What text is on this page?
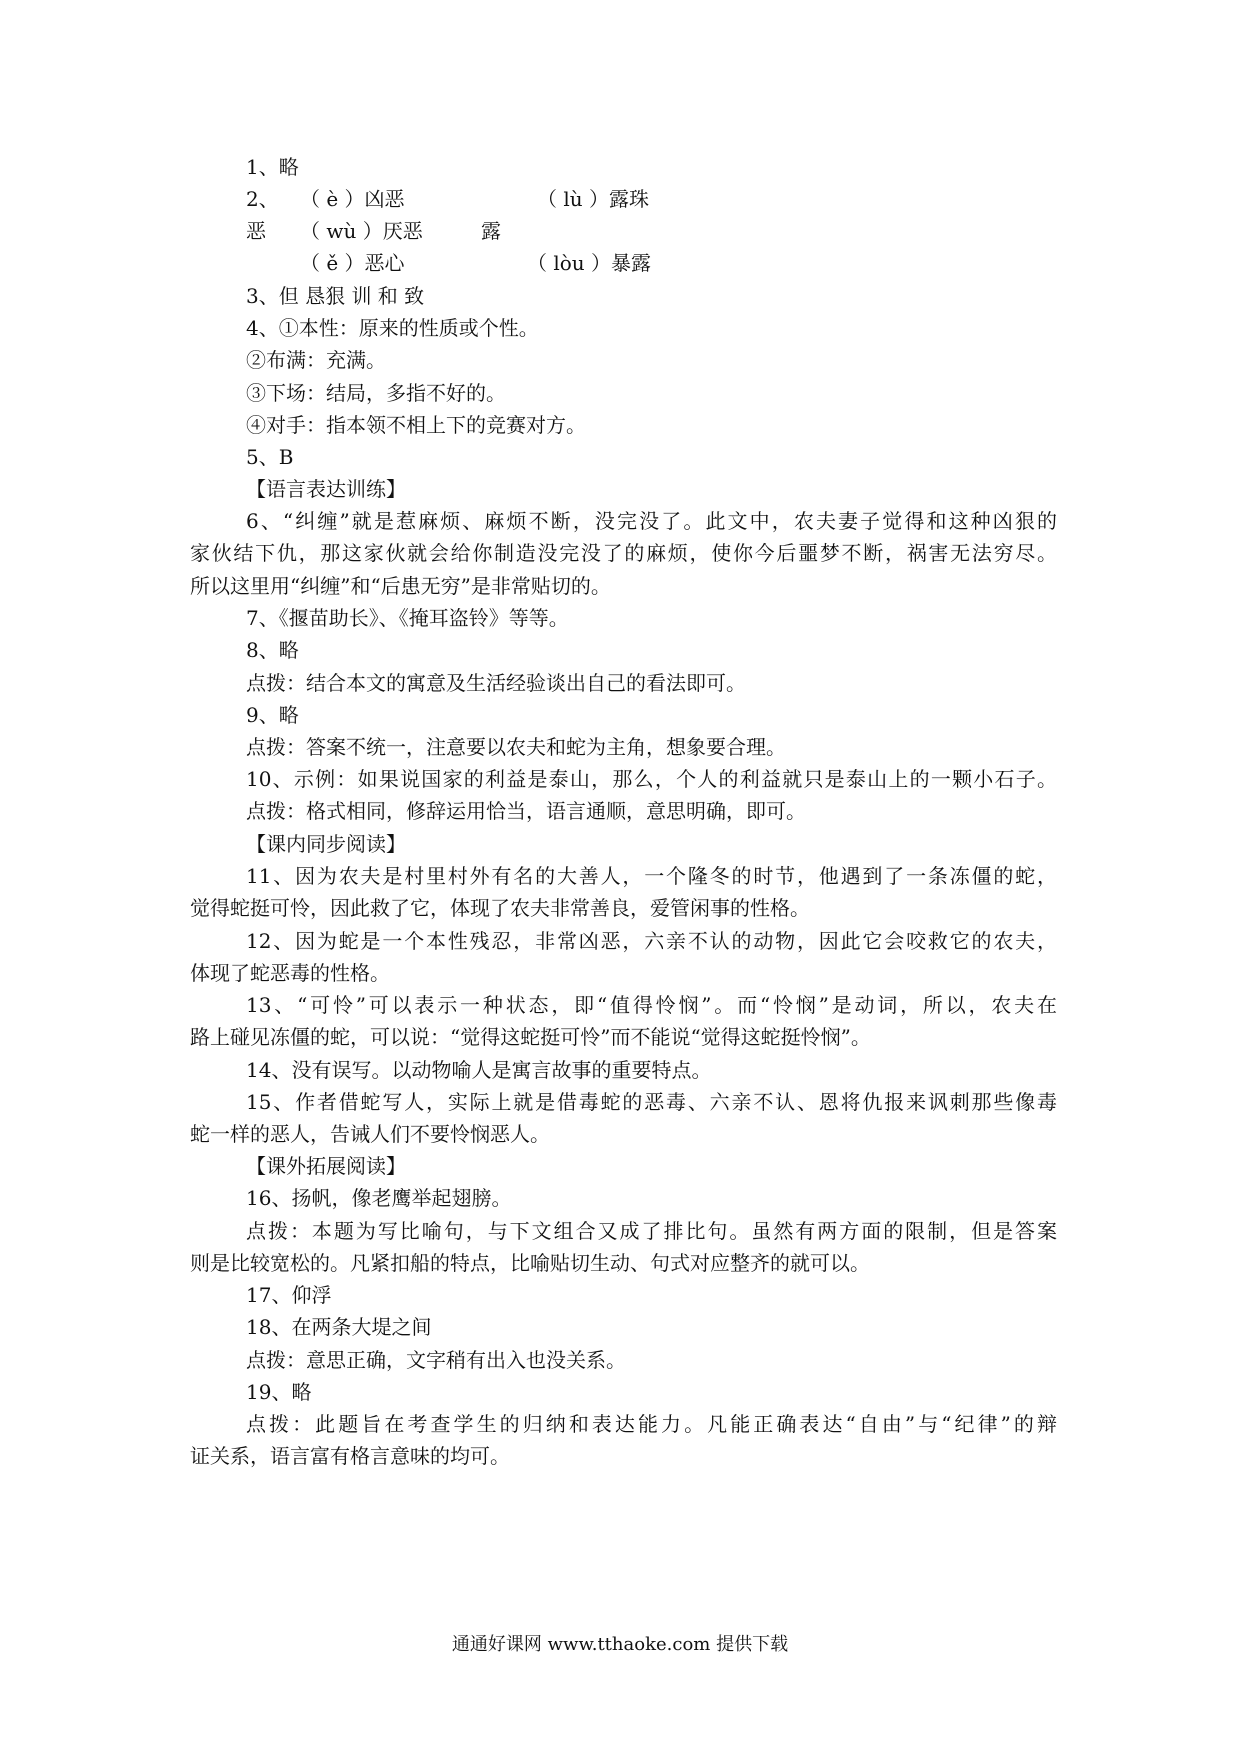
1、略
2、 （ è ）凶恶	（ lù ）露珠
恶 （ wù ）厌恶	露
（ ě ）恶心	（ lòu ）暴露
3、但 恳狠 训 和 致
4、①本性：原来的性质或个性。
②布满：充满。
③下场：结局，多指不好的。
④对手：指本领不相上下的竞赛对方。
5、B
【语言表达训练】
6、“纠缠”就是惹麻烦、麻烦不断，没完没了。此文中，农夫妻子觉得和这种凶狠的
家伙结下仇，那这家伙就会给你制造没完没了的麻烦，使你今后噩梦不断，祸害无法穷尽。
所以这里用“纠缠”和“后患无穷”是非常贴切的。
7、《揠苗助长》、《掩耳盗铃》等等。
8、略
点拨：结合本文的寓意及生活经验谈出自己的看法即可。
9、略
点拨：答案不统一，注意要以农夫和蛇为主角，想象要合理。
10、示例：如果说国家的利益是泰山，那么，个人的利益就只是泰山上的一颗小石子。
点拨：格式相同，修辞运用恰当，语言通顺，意思明确，即可。
【课内同步阅读】
11、因为农夫是村里村外有名的大善人，一个隆冬的时节，他遇到了一条冻僵的蛇，
觉得蛇挺可怜，因此救了它，体现了农夫非常善良，爱管闲事的性格。
12、因为蛇是一个本性残忍，非常凶恶，六亲不认的动物，因此它会咬救它的农夫，
体现了蛇恶毒的性格。
13、“可怜”可以表示一种状态，即“值得怜悯”。而“怜悯”是动词，所以，农夫在
路上碰见冻僵的蛇，可以说：“觉得这蛇挺可怜”而不能说“觉得这蛇挺怜悯”。
14、没有误写。以动物喻人是寓言故事的重要特点。
15、作者借蛇写人，实际上就是借毒蛇的恶毒、六亲不认、恩将仇报来讽刺那些像毒
蛇一样的恶人，告诫人们不要怜悯恶人。
【课外拓展阅读】
16、扬帆，像老鹰举起翅膀。
点拨：本题为写比喻句，与下文组合又成了排比句。虽然有两方面的限制，但是答案
则是比较宽松的。凡紧扣船的特点，比喻贴切生动、句式对应整齐的就可以。
17、仰浮
18、在两条大堤之间
点拨：意思正确，文字稍有出入也没关系。
19、略
点拨：此题旨在考查学生的归纳和表达能力。凡能正确表达“自由”与“纪律”的辩
证关系，语言富有格言意味的均可。
通通好课网 www.tthaoke.com 提供下载
